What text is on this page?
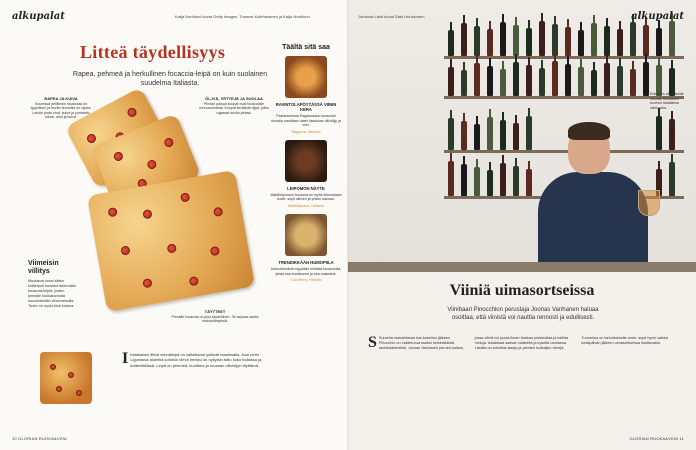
alkupalat	Katja Nordlund kuvat Getty Images, Tuomas Kolehmainen ja Katja Nordlund
Litteä täydellisyys
Rapea, pehmeä ja herkullinen focaccia-leipä on kuin suolainen suudelma Italiasta.
RAPEA JA KUIVA
Suuressa pellillinen focacciaa on tyypillinen ja leivän reunoilla on rapea. Leivän pinta ohut, kuiva ja puristettu ulkoa, ohut ja kuiva.
ÖLJYÄ, YRTTEJÄ JA SUOLAA
Pinnan paksut kuopat ovat focaccialle tunnusomaisia. Kuopat keräävät öljyä, jotka rajaavat leivän pintaa.
TÄYTTEET
Pinnalle focaccia on juuri täydellinen. Se tarjoaa useita makuelämyksiä.
Viimeisin villitys

Muutama vuosi sitten kotileipuri innostui tekemään focaccia-leipiä, joiden pinnalle kukkakuvioita muodostettiin vihanneksilla. Tuote on myös kiva kotona.

I Italialainen litteä vehnäleipä on valloittanut ystävät maailmalla. Alun perin Liguriassa alueella kotoisin oleva herkku on nykyisin tuttu koko Italiassa ja kotikeittiöissä. Leipä on pehmeä, kuohkea ja runsaan oliiviöljyn täyttämä.
Täältä sitä saa
RAVINTOLAPÖYTÄSSÄ VIININ KERA
Pastaravintola Ragazzassa focaccian rinnalla nautitaan usein laadukas oliiviöljy ja viini.
Ragazza, Helsinki
LEIPOMON NÄYTE
Mahtileipomon focaccia on myös kiinnostava tuote: sopii oliivien ja yrttien kanssa.
Mahtileipomo, Helsinki
TRENDIKKÄÄN HUMOPIILA
Uutuusleivänä myydään erilaisia focaccioita, joista osa suolaisena ja osa makeana.
Cold Berry, Helsinki
10 GLORIAN RUOKA&VIINI
Johanna Lahti kuvat Satu Huuskonen	alkupalat
Erikoisen alkupaloilla Joonas Vanhanen tuurinut Italialaisia viinikaaria.
Viiniä uimasortseissa
Viinibaari Pinocchion perustaja Joonas Vanhanen haluaa osoittaa, että viinistä voi nauttia rennosti ja edullisesti.
S Suurella maisteltavan bar-kokeilun jälkeen Pinocchio on vakiintunut osaksi helsinkiläistä ravintolakenttää. Joonas Vanhanen perusti paikan, jossa viiniä voi juoda ilman tiukkaa protokollaa ja kalliita hintoja. Asiakkaat saavat maistella ja kysellä rauhassa. Listalla on edullisia laseja ja pienten tuottajien viinejä. Tunnelma on tarkoituksella rento: sopii hyvin vaikka kesäpäivän jälkeen uimasortseissa istuttavaksi.
GLORIAN RUOKA&VIINI 11
